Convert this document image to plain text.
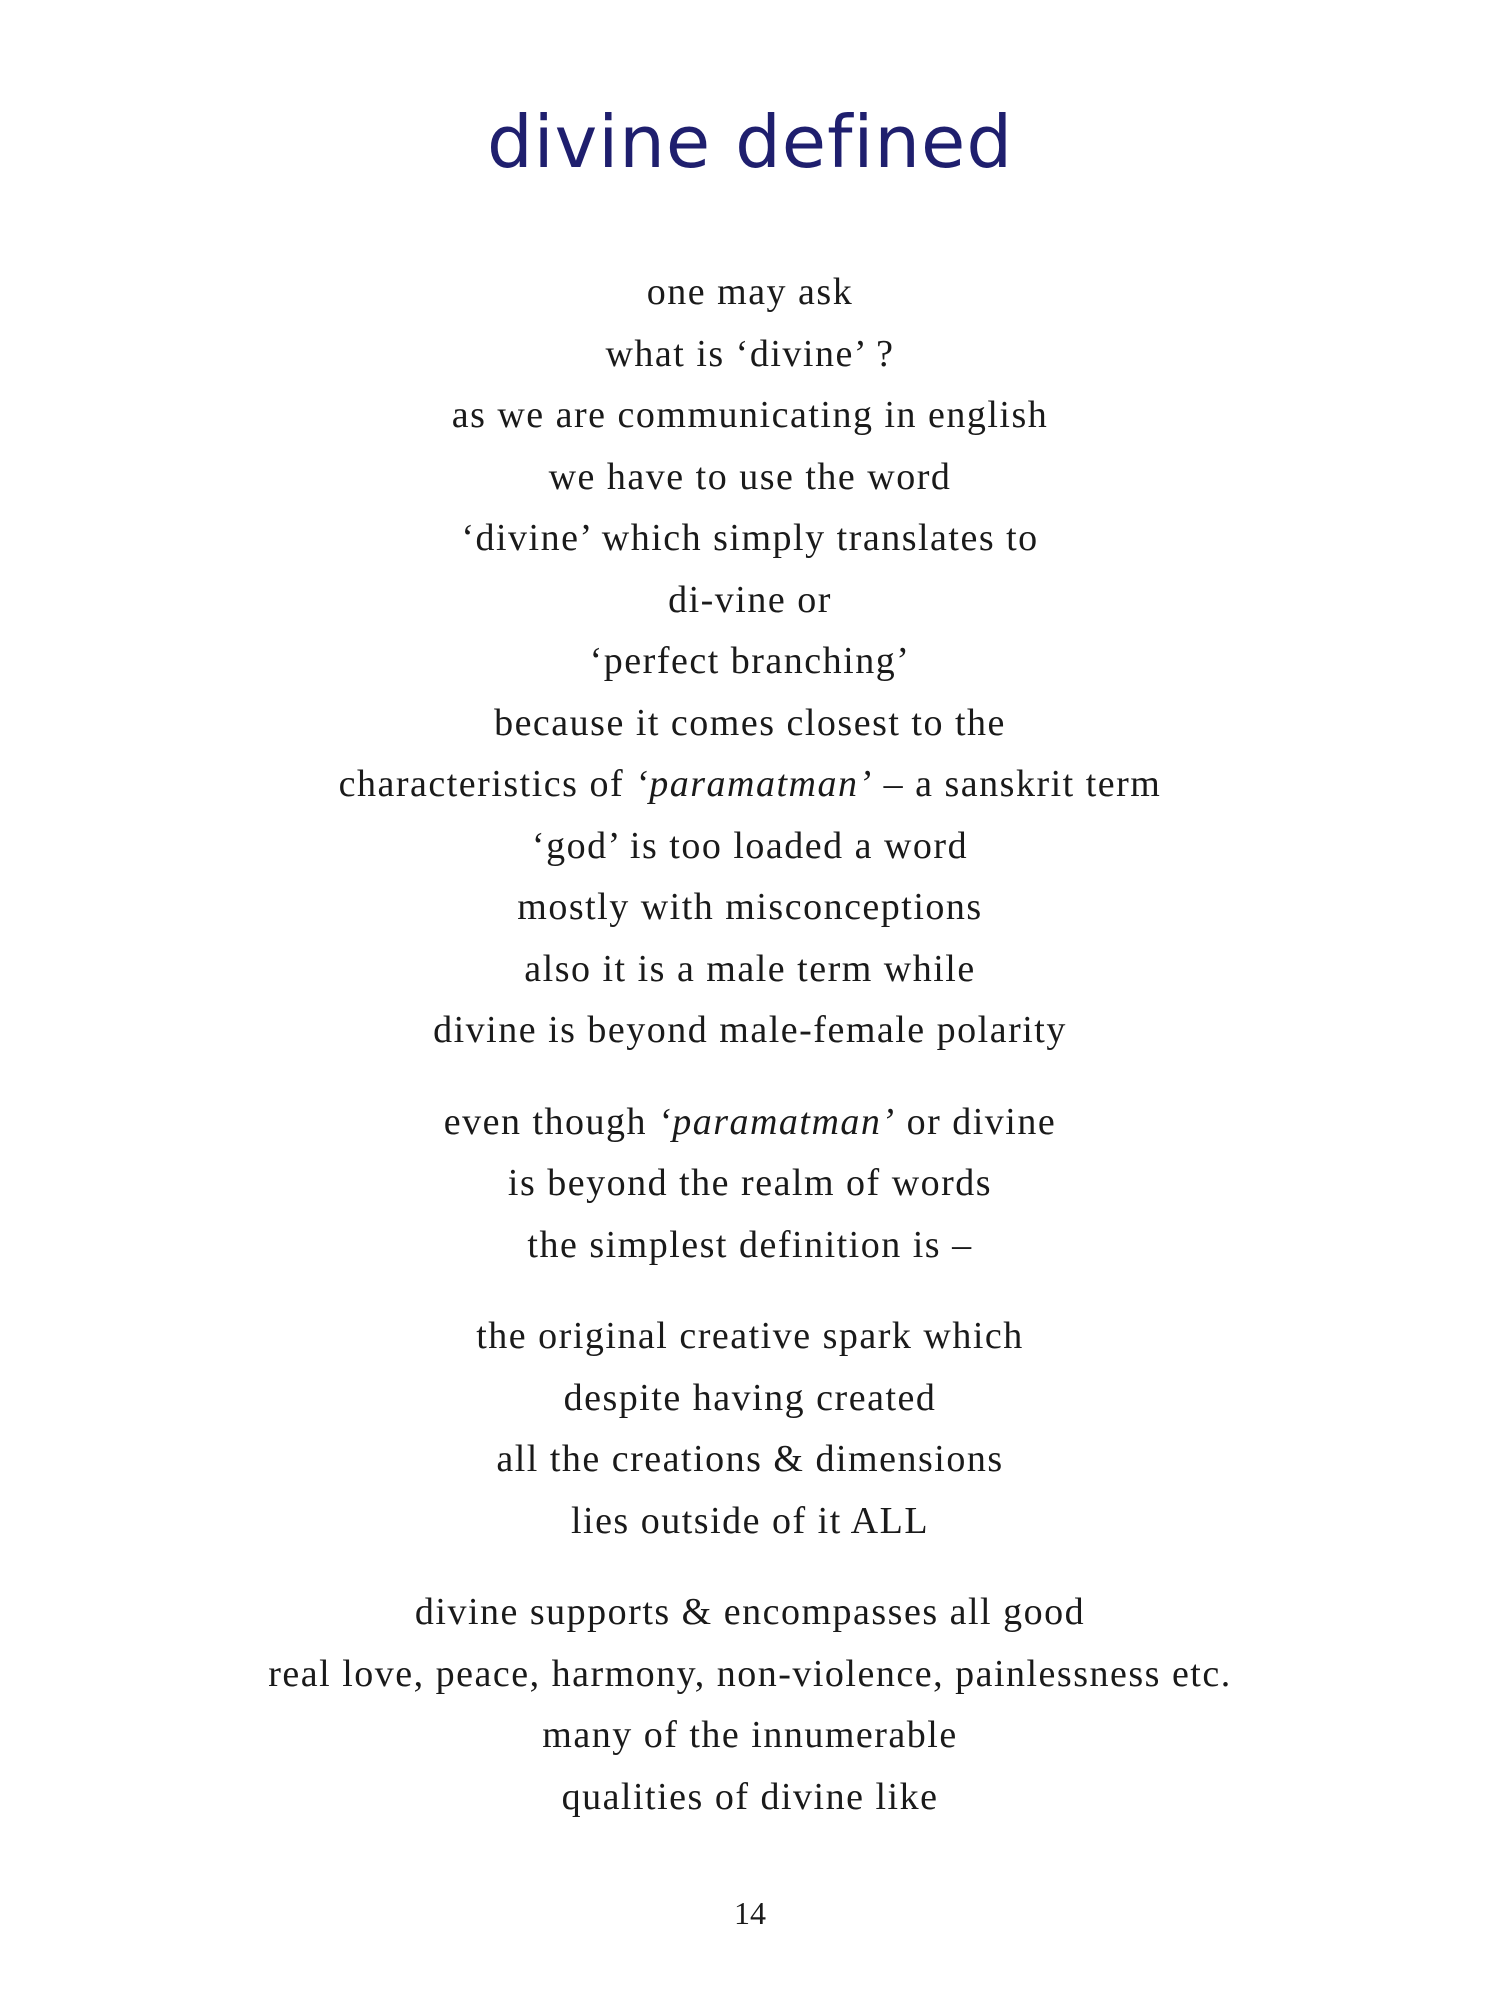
divine defined
one may ask
what is ‘divine’ ?
as we are communicating in english
we have to use the word
‘divine’ which simply translates to
di-vine or
‘perfect branching’
because it comes closest to the
characteristics of ‘paramatman’ – a sanskrit term
‘god’ is too loaded a word
mostly with misconceptions
also it is a male term while
divine is beyond male-female polarity
even though ‘paramatman’ or divine
is beyond the realm of words
the simplest definition is –
the original creative spark which
despite having created
all the creations & dimensions
lies outside of it ALL
divine supports & encompasses all good
real love, peace, harmony, non-violence, painlessness etc.
many of the innumerable
qualities of divine like
14
